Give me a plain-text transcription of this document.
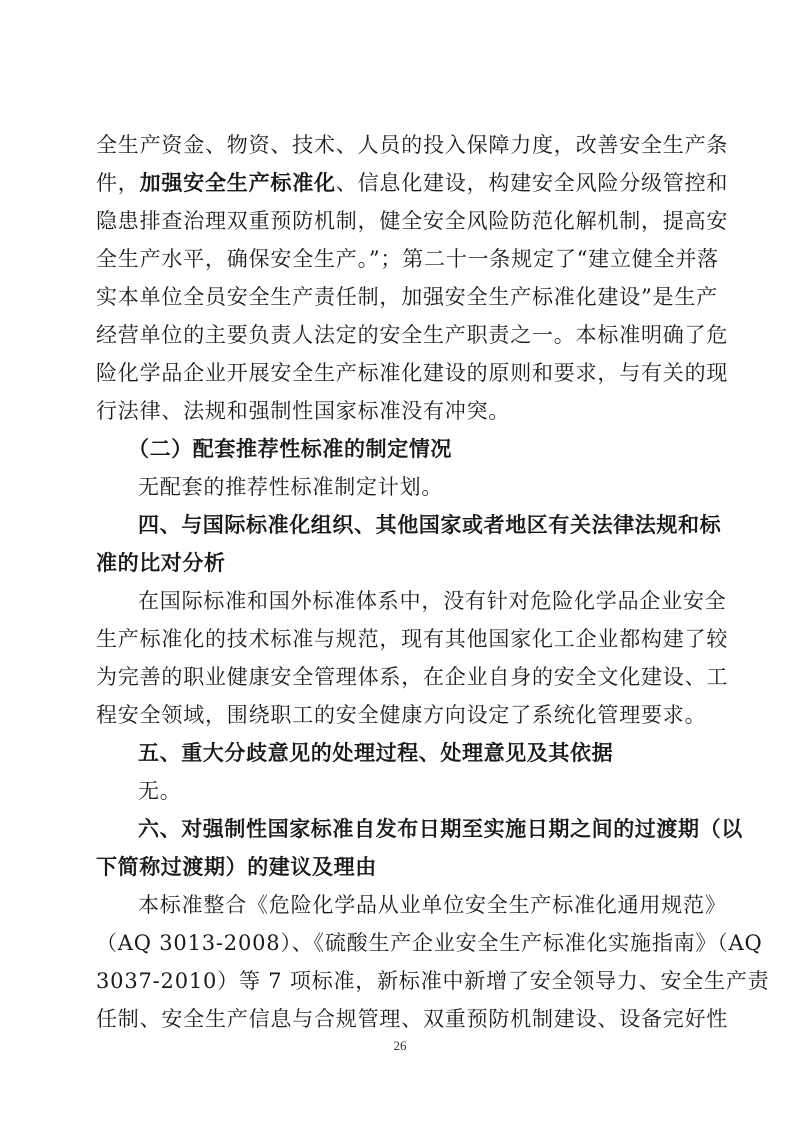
全生产资金、物资、技术、人员的投入保障力度，改善安全生产条
件，加强安全生产标准化、信息化建设，构建安全风险分级管控和
隐患排查治理双重预防机制，健全安全风险防范化解机制，提高安
全生产水平，确保安全生产。”；第二十一条规定了“建立健全并落
实本单位全员安全生产责任制，加强安全生产标准化建设”是生产
经营单位的主要负责人法定的安全生产职责之一。本标准明确了危
险化学品企业开展安全生产标准化建设的原则和要求，与有关的现
行法律、法规和强制性国家标准没有冲突。
（二）配套推荐性标准的制定情况
无配套的推荐性标准制定计划。
四、与国际标准化组织、其他国家或者地区有关法律法规和标
准的比对分析
在国际标准和国外标准体系中，没有针对危险化学品企业安全
生产标准化的技术标准与规范，现有其他国家化工企业都构建了较
为完善的职业健康安全管理体系，在企业自身的安全文化建设、工
程安全领域，围绕职工的安全健康方向设定了系统化管理要求。
五、重大分歧意见的处理过程、处理意见及其依据
无。
六、对强制性国家标准自发布日期至实施日期之间的过渡期（以
下简称过渡期）的建议及理由
本标准整合《危险化学品从业单位安全生产标准化通用规范》
（AQ 3013-2008）、《硫酸生产企业安全生产标准化实施指南》（AQ
3037-2010）等 7 项标准，新标准中新增了安全领导力、安全生产责
任制、安全生产信息与合规管理、双重预防机制建设、设备完好性
26
